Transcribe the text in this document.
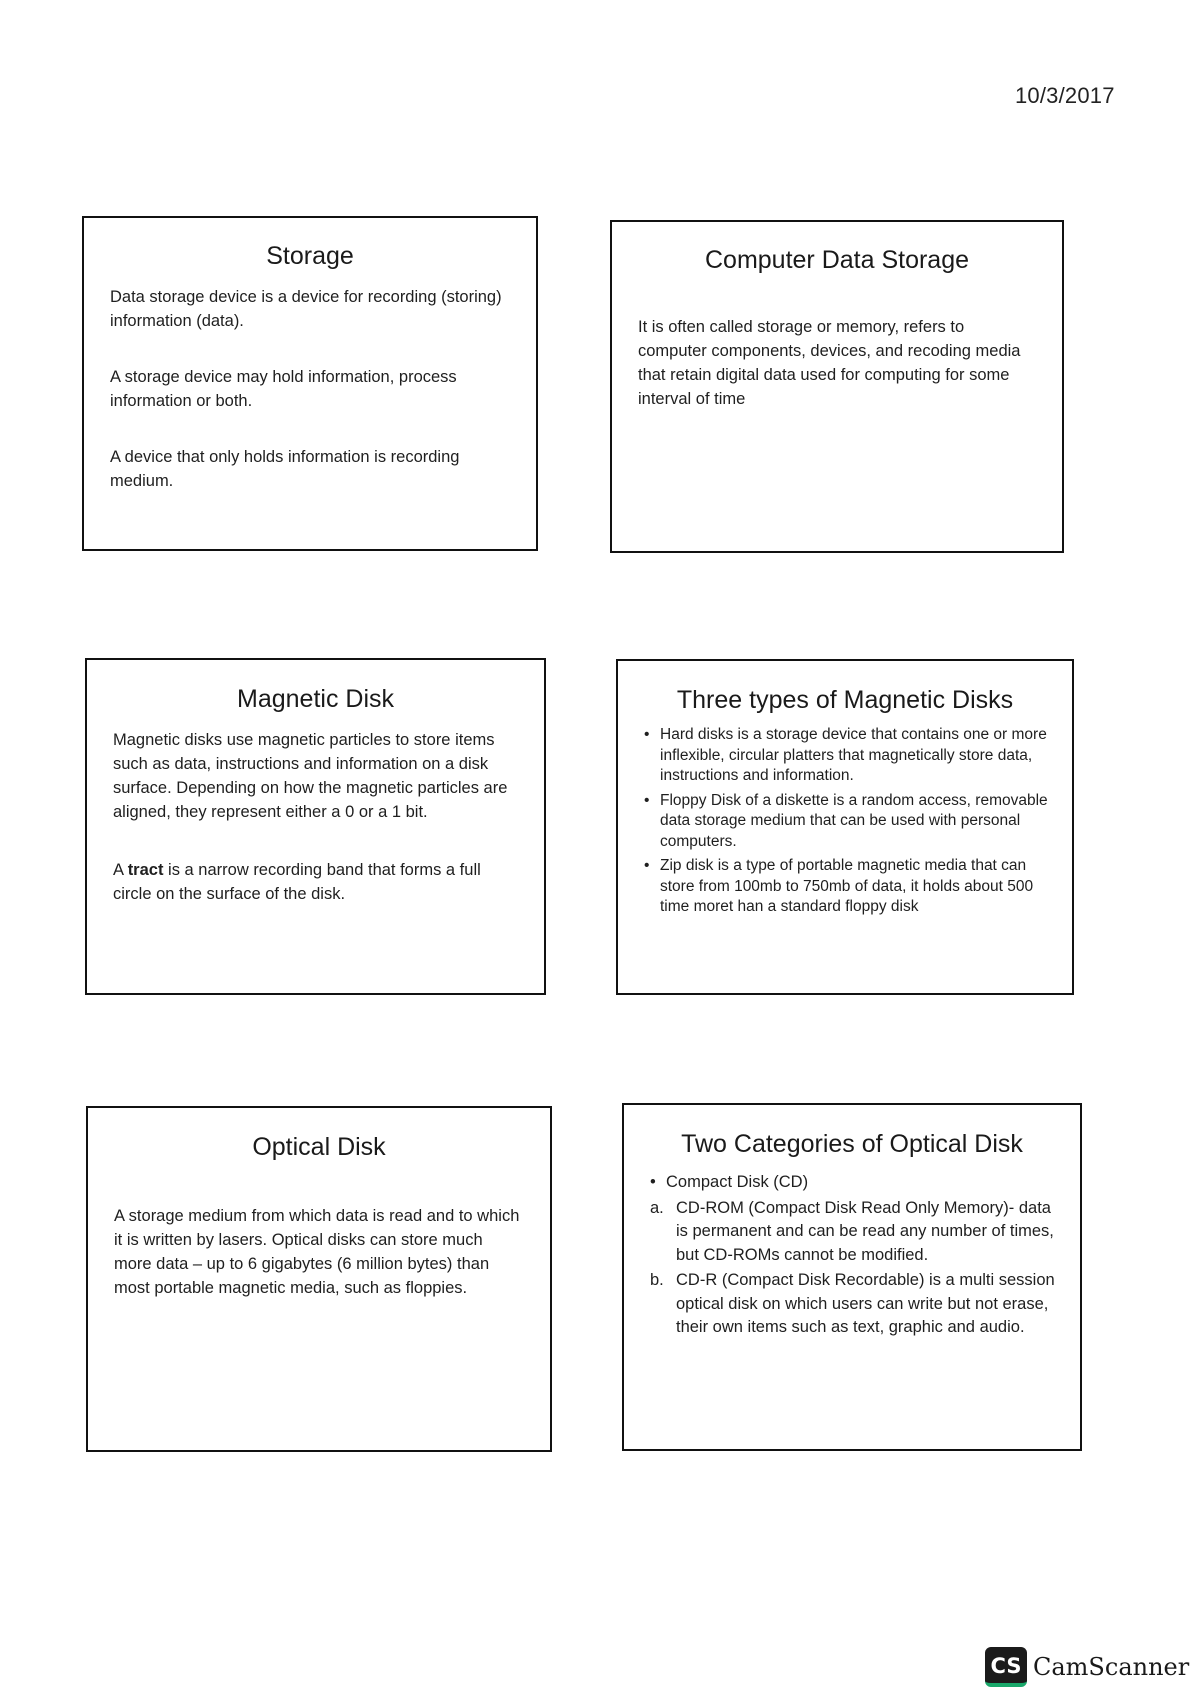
10/3/2017
Storage

Data storage device is a device for recording (storing) information (data).

A storage device may hold information, process information or both.

A device that only holds information is recording medium.

Computer Data Storage

It is often called storage or memory, refers to computer components, devices, and recoding media that retain digital data used for computing for some interval of time

Magnetic Disk

Magnetic disks use magnetic particles to store items such as data, instructions and information on a disk surface. Depending on how the magnetic particles are aligned, they represent either a 0 or a 1 bit.

A tract is a narrow recording band that forms a full circle on the surface of the disk.

Three types of Magnetic Disks
• Hard disks is a storage device that contains one or more inflexible, circular platters that magnetically store data, instructions and information.
• Floppy Disk of a diskette is a random access, removable data storage medium that can be used with personal computers.
• Zip disk is a type of portable magnetic media that can store from 100mb to 750mb of data, it holds about 500 time moret han a standard floppy disk
Optical Disk

A storage medium from which data is read and to which it is written by lasers. Optical disks can store much more data – up to 6 gigabytes (6 million bytes) than most portable magnetic media, such as floppies.

Two Categories of Optical Disk
• Compact Disk (CD)
a. CD-ROM (Compact Disk Read Only Memory)- data is permanent and can be read any number of times, but CD-ROMs cannot be modified.
b. CD-R (Compact Disk Recordable) is a multi session optical disk on which users can write but not erase, their own items such as text, graphic and audio.
CS CamScanner
